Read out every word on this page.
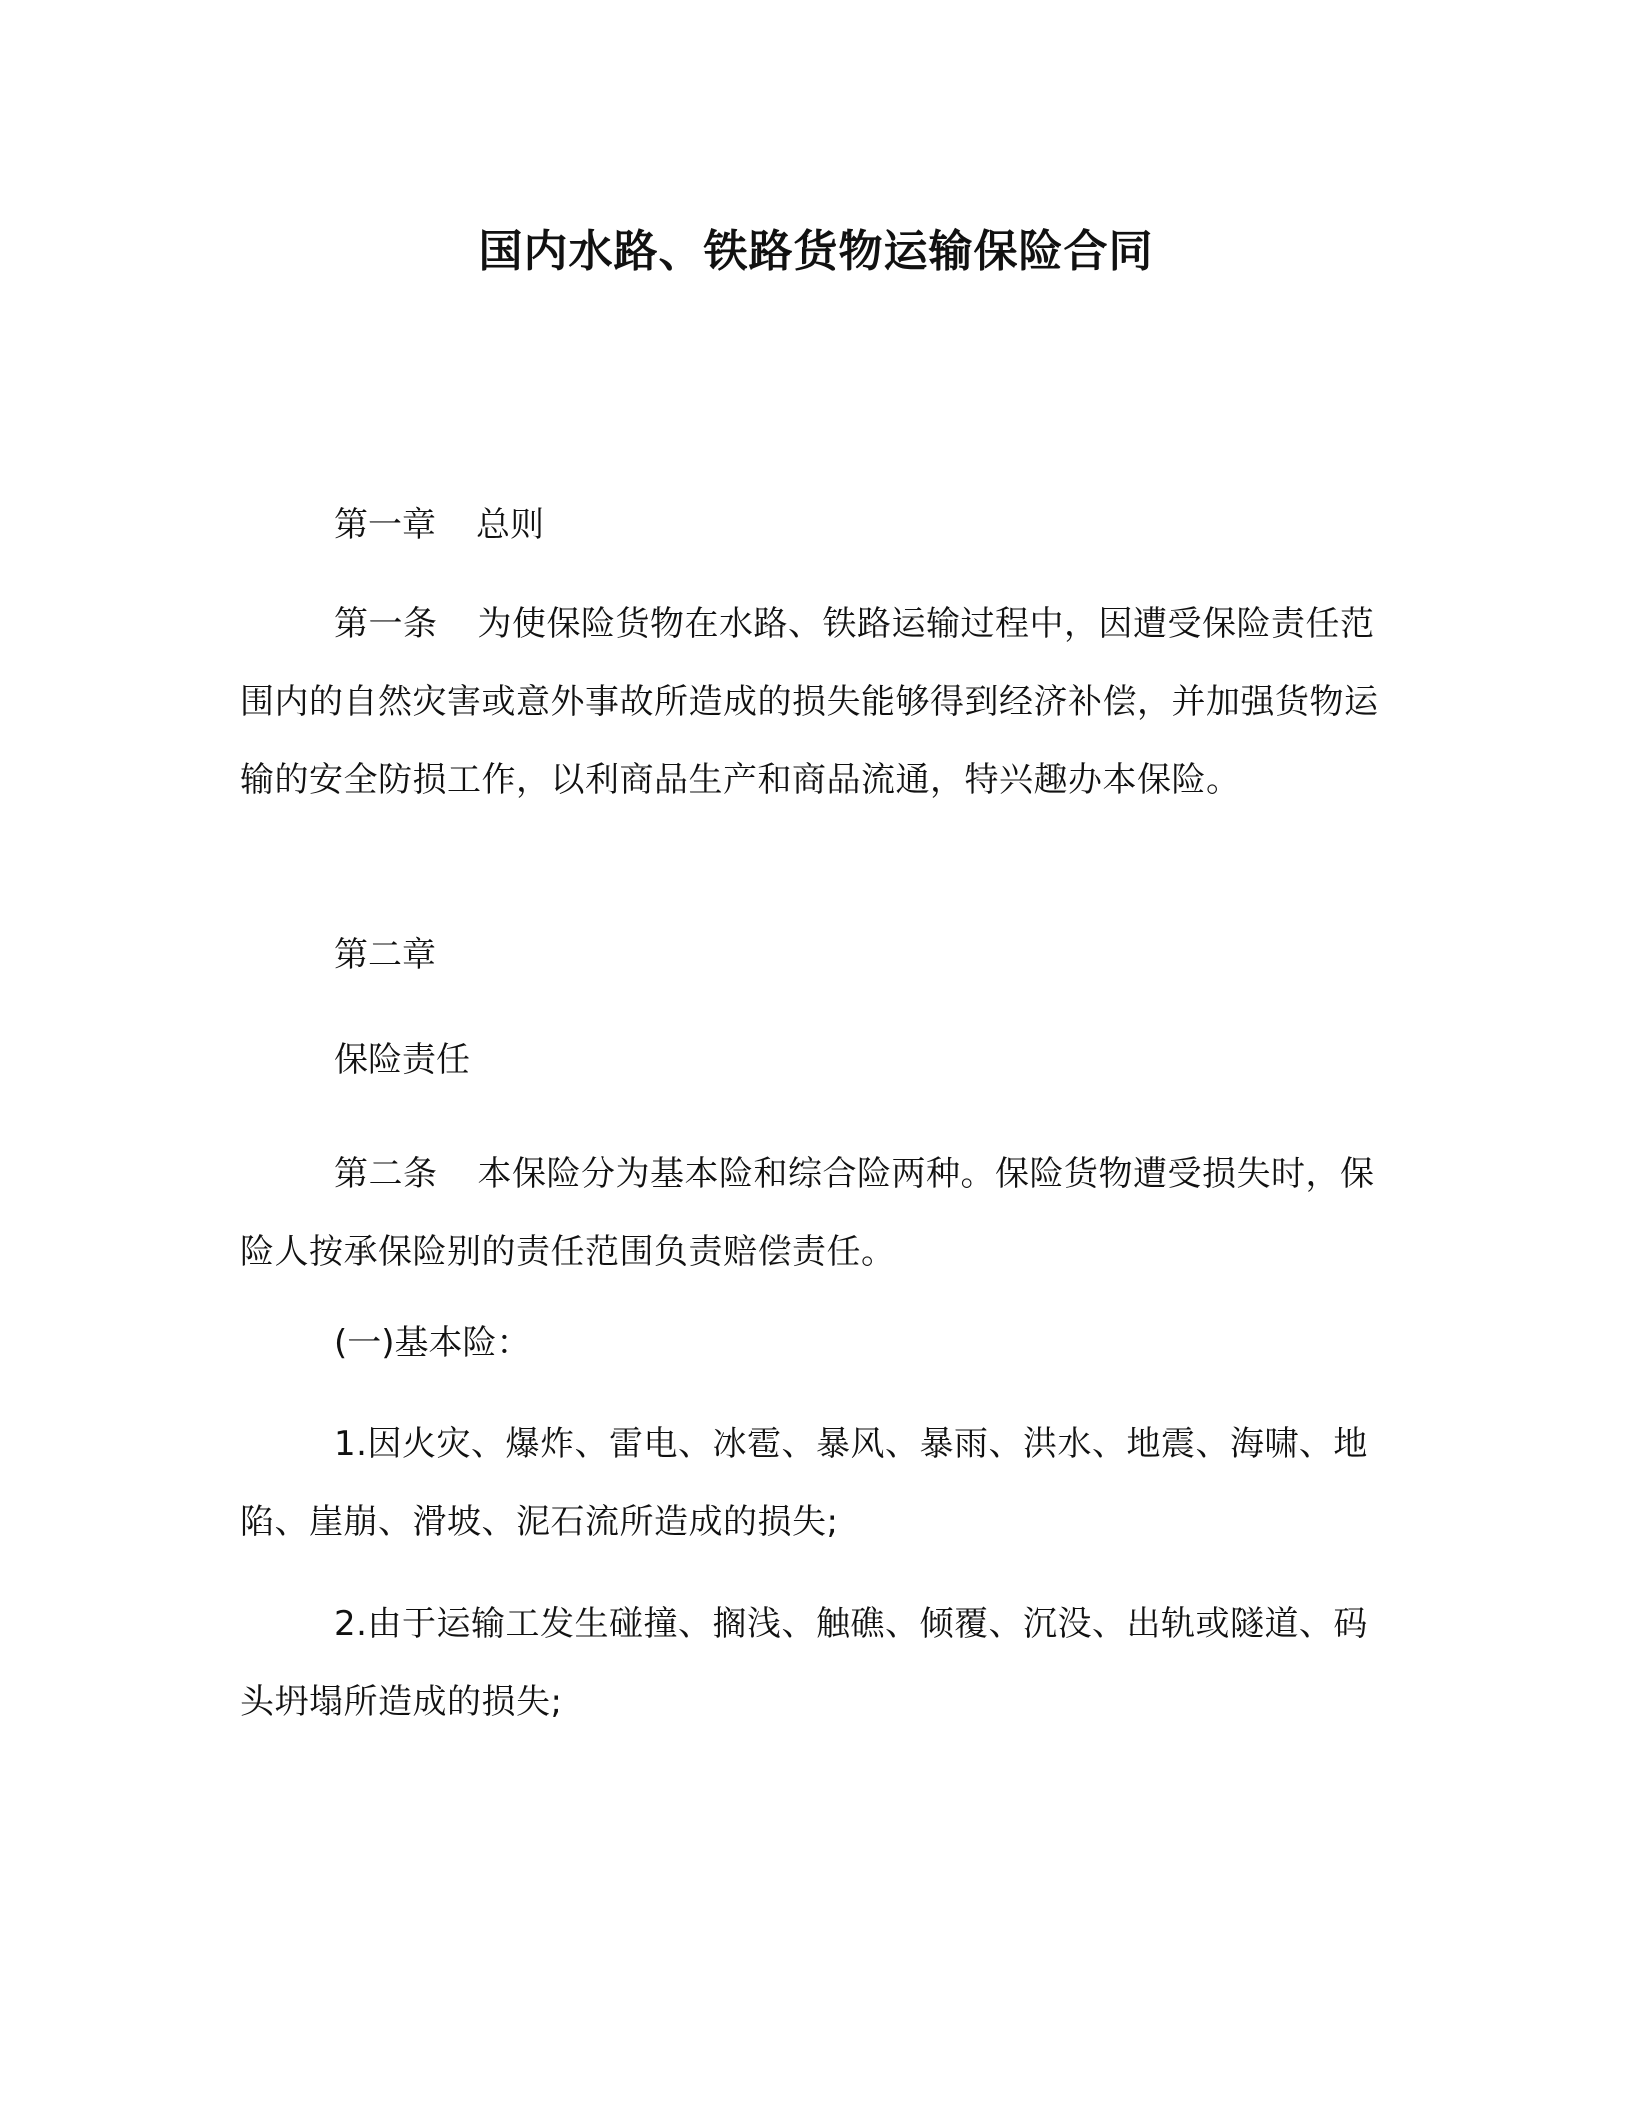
国内水路、铁路货物运输保险合同
第一章 总则
第一条 为使保险货物在水路、铁路运输过程中，因遭受保险责任范围内的自然灾害或意外事故所造成的损失能够得到经济补偿，并加强货物运输的安全防损工作，以利商品生产和商品流通，特兴趣办本保险。
第二章
保险责任
第二条 本保险分为基本险和综合险两种。保险货物遭受损失时，保险人按承保险别的责任范围负责赔偿责任。
(一)基本险：
1.因火灾、爆炸、雷电、冰雹、暴风、暴雨、洪水、地震、海啸、地陷、崖崩、滑坡、泥石流所造成的损失;
2.由于运输工发生碰撞、搁浅、触礁、倾覆、沉没、出轨或隧道、码头坍塌所造成的损失;
